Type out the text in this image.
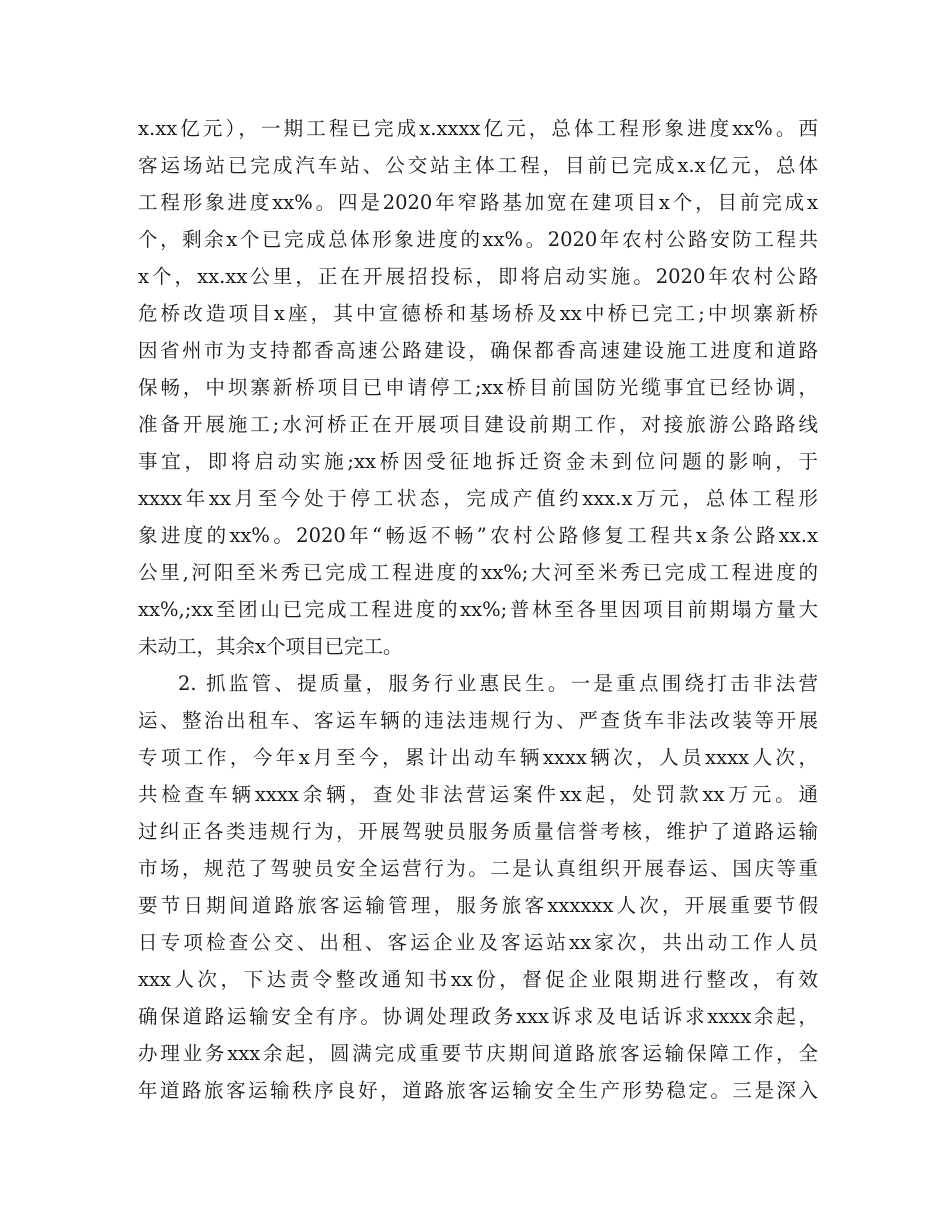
x.xx亿元），一期工程已完成x.xxxx亿元，总体工程形象进度xx%。西
客运场站已完成汽车站、公交站主体工程，目前已完成x.x亿元，总体
工程形象进度xx%。四是2020年窄路基加宽在建项目x个，目前完成x
个，剩余x个已完成总体形象进度的xx%。2020年农村公路安防工程共
x个，xx.xx公里，正在开展招投标，即将启动实施。2020年农村公路
危桥改造项目x座，其中宣德桥和基场桥及xx中桥已完工;中坝寨新桥
因省州市为支持都香高速公路建设，确保都香高速建设施工进度和道路
保畅，中坝寨新桥项目已申请停工;xx桥目前国防光缆事宜已经协调，
准备开展施工;水河桥正在开展项目建设前期工作，对接旅游公路路线
事宜，即将启动实施;xx桥因受征地拆迁资金未到位问题的影响，于
xxxx年xx月至今处于停工状态，完成产值约xxx.x万元，总体工程形
象进度的xx%。2020年“畅返不畅”农村公路修复工程共x条公路xx.x
公里,河阳至米秀已完成工程进度的xx%;大河至米秀已完成工程进度的
xx%,;xx至团山已完成工程进度的xx%;普林至各里因项目前期塌方量大
未动工，其余x个项目已完工。
2. 抓监管、提质量，服务行业惠民生。一是重点围绕打击非法营
运、整治出租车、客运车辆的违法违规行为、严查货车非法改装等开展
专项工作，今年x月至今，累计出动车辆xxxx辆次，人员xxxx人次，
共检查车辆xxxx余辆，查处非法营运案件xx起，处罚款xx万元。通
过纠正各类违规行为，开展驾驶员服务质量信誉考核，维护了道路运输
市场，规范了驾驶员安全运营行为。二是认真组织开展春运、国庆等重
要节日期间道路旅客运输管理，服务旅客xxxxxx人次，开展重要节假
日专项检查公交、出租、客运企业及客运站xx家次，共出动工作人员
xxx人次，下达责令整改通知书xx份，督促企业限期进行整改，有效
确保道路运输安全有序。协调处理政务xxx诉求及电话诉求xxxx余起，
办理业务xxx余起，圆满完成重要节庆期间道路旅客运输保障工作，全
年道路旅客运输秩序良好，道路旅客运输安全生产形势稳定。三是深入
